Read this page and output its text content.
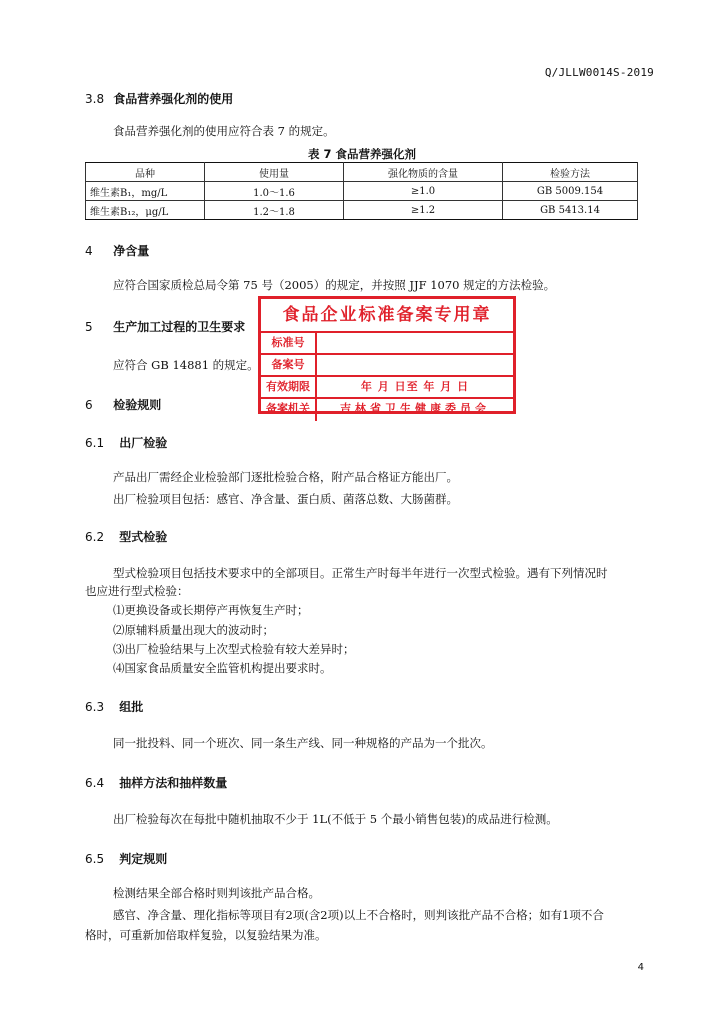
Q/JLLW0014S-2019
3.8 食品营养强化剂的使用
食品营养强化剂的使用应符合表 7 的规定。
表 7 食品营养强化剂
品种	使用量	强化物质的含量	检验方法
维生素B₁，mg/L	1.0～1.6	≥1.0	GB 5009.154
维生素B₁₂，μg/L	1.2～1.8	≥1.2	GB 5413.14
4 净含量
应符合国家质检总局令第 75 号（2005）的规定，并按照 JJF 1070 规定的方法检验。
5 生产加工过程的卫生要求
应符合 GB 14881 的规定。
食品企业标准备案专用章
标准号
备案号
有效期限	年 月 日至 年 月 日
备案机关	吉林省卫生健康委员会
6 检验规则
6.1 出厂检验
产品出厂需经企业检验部门逐批检验合格，附产品合格证方能出厂。
出厂检验项目包括：感官、净含量、蛋白质、菌落总数、大肠菌群。
6.2 型式检验
型式检验项目包括技术要求中的全部项目。正常生产时每半年进行一次型式检验。遇有下列情况时
也应进行型式检验：
⑴更换设备或长期停产再恢复生产时；
⑵原辅料质量出现大的波动时；
⑶出厂检验结果与上次型式检验有较大差异时；
⑷国家食品质量安全监管机构提出要求时。
6.3 组批
同一批投料、同一个班次、同一条生产线、同一种规格的产品为一个批次。
6.4 抽样方法和抽样数量
出厂检验每次在每批中随机抽取不少于 1L(不低于 5 个最小销售包装)的成品进行检测。
6.5 判定规则
检测结果全部合格时则判该批产品合格。
感官、净含量、理化指标等项目有2项(含2项)以上不合格时，则判该批产品不合格；如有1项不合
格时，可重新加倍取样复验，以复验结果为准。
4
